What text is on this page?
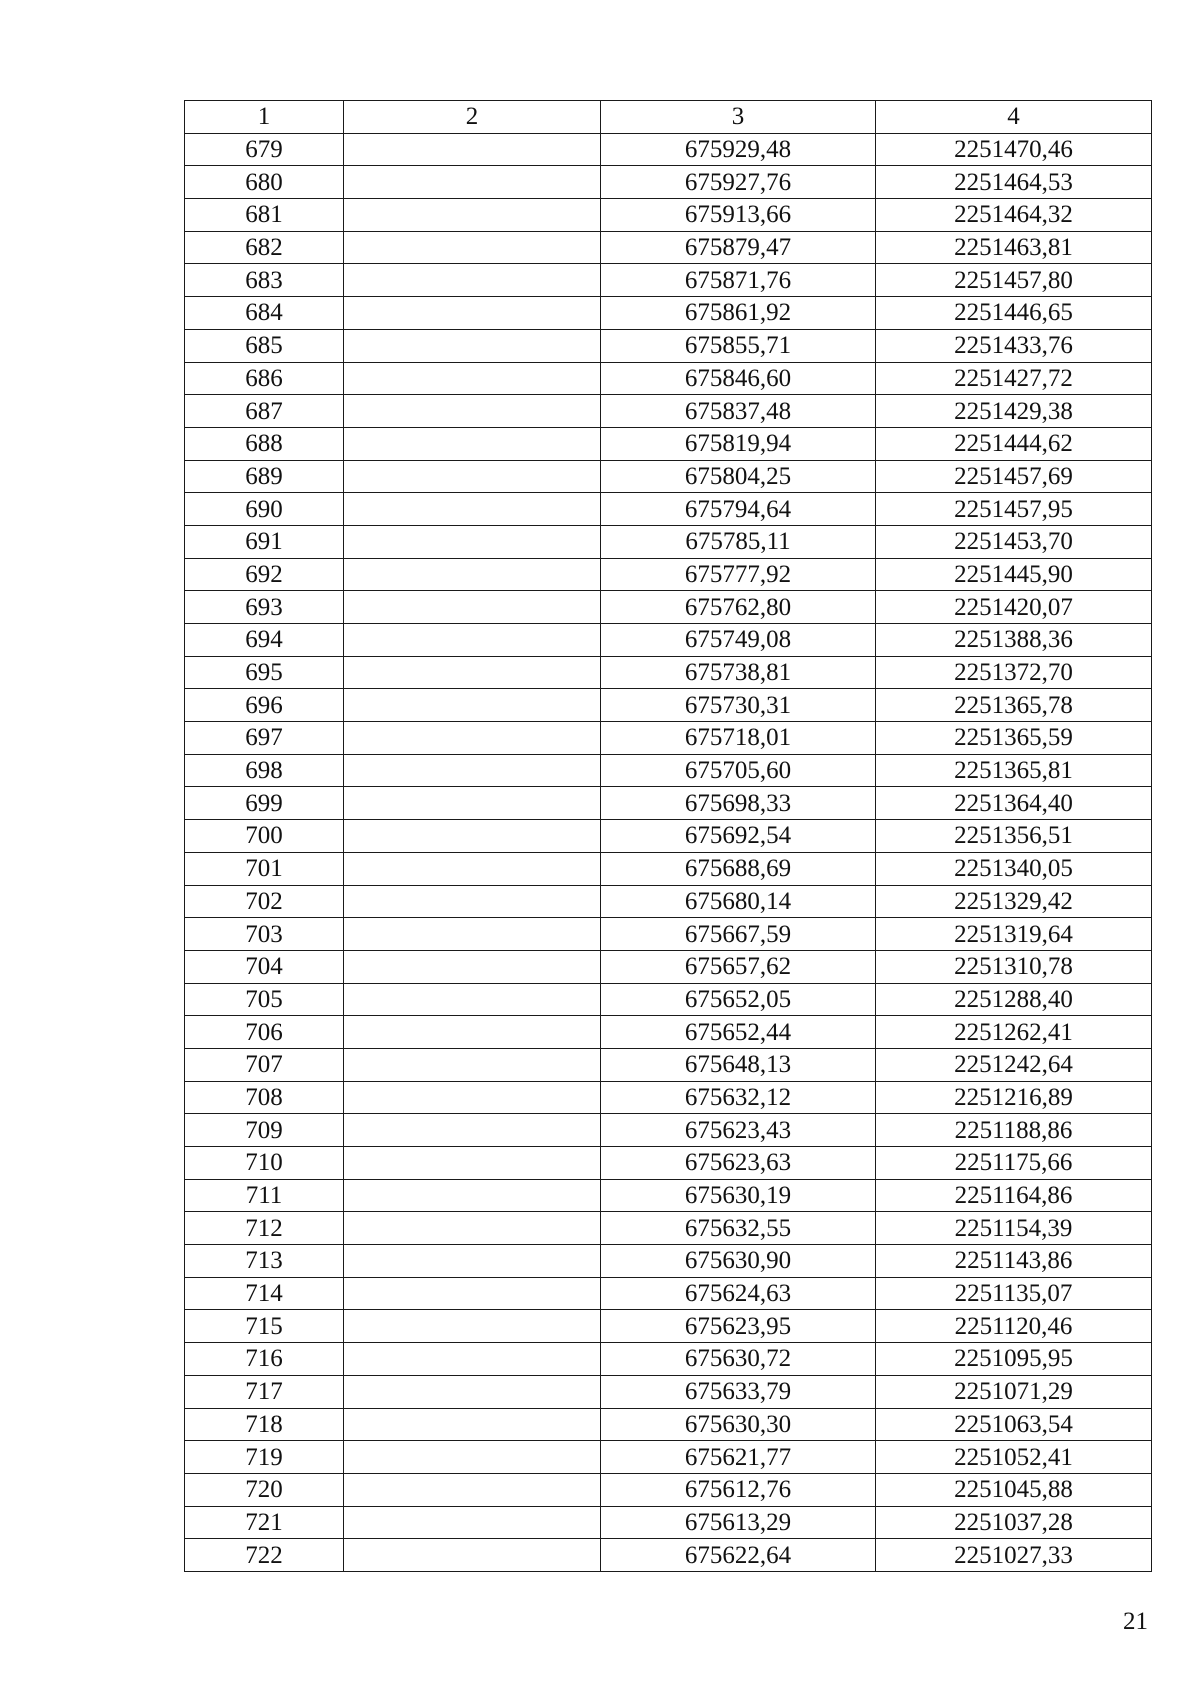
1	2	3	4
679		675929,48	2251470,46
680		675927,76	2251464,53
681		675913,66	2251464,32
682		675879,47	2251463,81
683		675871,76	2251457,80
684		675861,92	2251446,65
685		675855,71	2251433,76
686		675846,60	2251427,72
687		675837,48	2251429,38
688		675819,94	2251444,62
689		675804,25	2251457,69
690		675794,64	2251457,95
691		675785,11	2251453,70
692		675777,92	2251445,90
693		675762,80	2251420,07
694		675749,08	2251388,36
695		675738,81	2251372,70
696		675730,31	2251365,78
697		675718,01	2251365,59
698		675705,60	2251365,81
699		675698,33	2251364,40
700		675692,54	2251356,51
701		675688,69	2251340,05
702		675680,14	2251329,42
703		675667,59	2251319,64
704		675657,62	2251310,78
705		675652,05	2251288,40
706		675652,44	2251262,41
707		675648,13	2251242,64
708		675632,12	2251216,89
709		675623,43	2251188,86
710		675623,63	2251175,66
711		675630,19	2251164,86
712		675632,55	2251154,39
713		675630,90	2251143,86
714		675624,63	2251135,07
715		675623,95	2251120,46
716		675630,72	2251095,95
717		675633,79	2251071,29
718		675630,30	2251063,54
719		675621,77	2251052,41
720		675612,76	2251045,88
721		675613,29	2251037,28
722		675622,64	2251027,33
21
